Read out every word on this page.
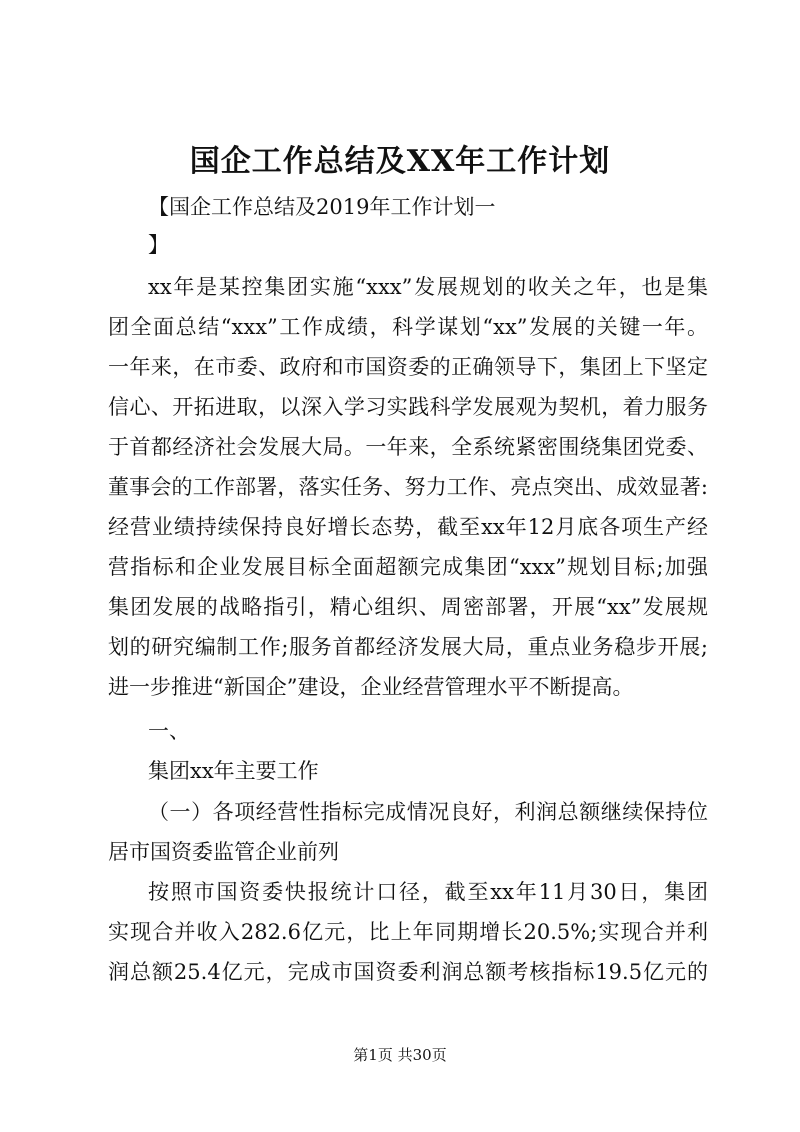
国企工作总结及XX年工作计划
【国企工作总结及2019年工作计划一
】
xx年是某控集团实施“xxx”发展规划的收关之年，也是集
团全面总结“xxx”工作成绩，科学谋划“xx”发展的关键一年。
一年来，在市委、政府和市国资委的正确领导下，集团上下坚定
信心、开拓进取，以深入学习实践科学发展观为契机，着力服务
于首都经济社会发展大局。一年来，全系统紧密围绕集团党委、
董事会的工作部署，落实任务、努力工作、亮点突出、成效显著:
经营业绩持续保持良好增长态势，截至xx年12月底各项生产经
营指标和企业发展目标全面超额完成集团“xxx”规划目标;加强
集团发展的战略指引，精心组织、周密部署，开展“xx”发展规
划的研究编制工作;服务首都经济发展大局，重点业务稳步开展;
进一步推进“新国企”建设，企业经营管理水平不断提高。
一、
集团xx年主要工作
（一）各项经营性指标完成情况良好，利润总额继续保持位
居市国资委监管企业前列
按照市国资委快报统计口径，截至xx年11月30日，集团
实现合并收入282.6亿元，比上年同期增长20.5%;实现合并利
润总额25.4亿元，完成市国资委利润总额考核指标19.5亿元的
第1页 共30页
